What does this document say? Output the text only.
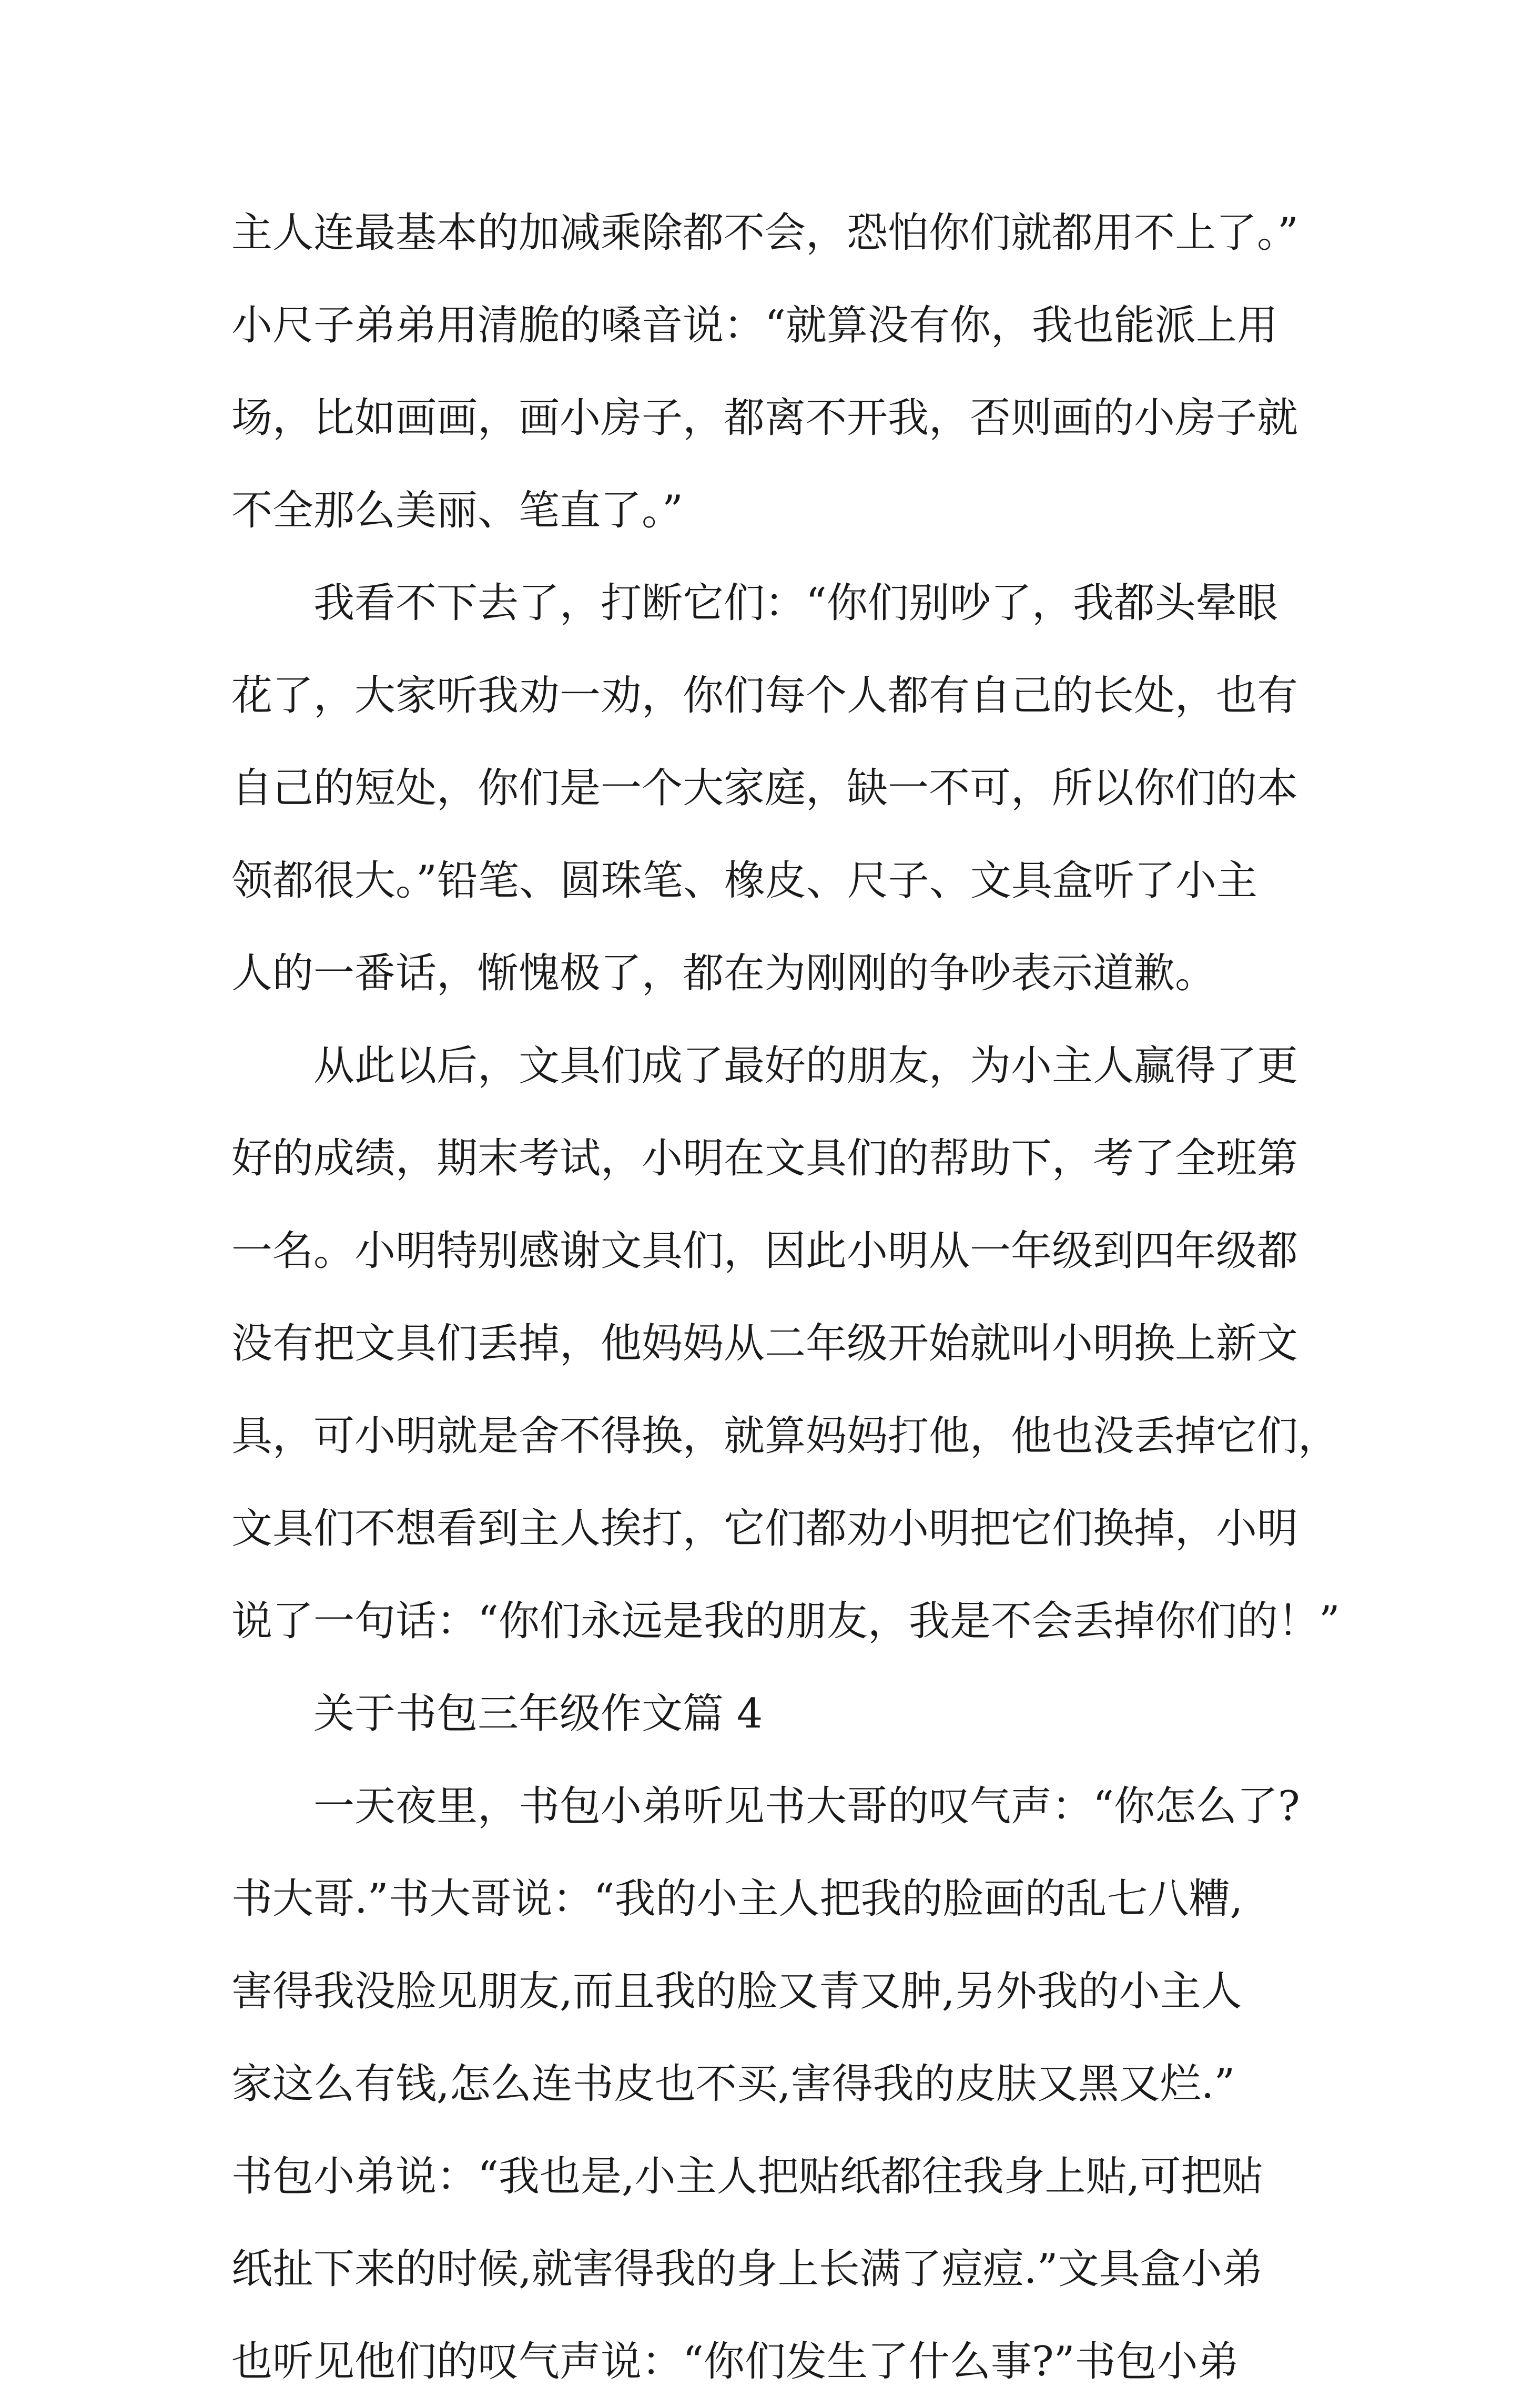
主人连最基本的加减乘除都不会，恐怕你们就都用不上了。”
小尺子弟弟用清脆的嗓音说：“就算没有你，我也能派上用
场，比如画画，画小房子，都离不开我，否则画的小房子就
不全那么美丽、笔直了。”
我看不下去了，打断它们：“你们别吵了，我都头晕眼
花了，大家听我劝一劝，你们每个人都有自己的长处，也有
自己的短处，你们是一个大家庭，缺一不可，所以你们的本
领都很大。”铅笔、圆珠笔、橡皮、尺子、文具盒听了小主
人的一番话，惭愧极了，都在为刚刚的争吵表示道歉。
从此以后，文具们成了最好的朋友，为小主人赢得了更
好的成绩，期末考试，小明在文具们的帮助下，考了全班第
一名。小明特别感谢文具们，因此小明从一年级到四年级都
没有把文具们丢掉，他妈妈从二年级开始就叫小明换上新文
具，可小明就是舍不得换，就算妈妈打他，他也没丢掉它们，
文具们不想看到主人挨打，它们都劝小明把它们换掉，小明
说了一句话：“你们永远是我的朋友，我是不会丢掉你们的！”
关于书包三年级作文篇 4
一天夜里，书包小弟听见书大哥的叹气声：“你怎么了?
书大哥.”书大哥说：“我的小主人把我的脸画的乱七八糟,
害得我没脸见朋友,而且我的脸又青又肿,另外我的小主人
家这么有钱,怎么连书皮也不买,害得我的皮肤又黑又烂.”
书包小弟说：“我也是,小主人把贴纸都往我身上贴,可把贴
纸扯下来的时候,就害得我的身上长满了痘痘.”文具盒小弟
也听见他们的叹气声说：“你们发生了什么事?”书包小弟
